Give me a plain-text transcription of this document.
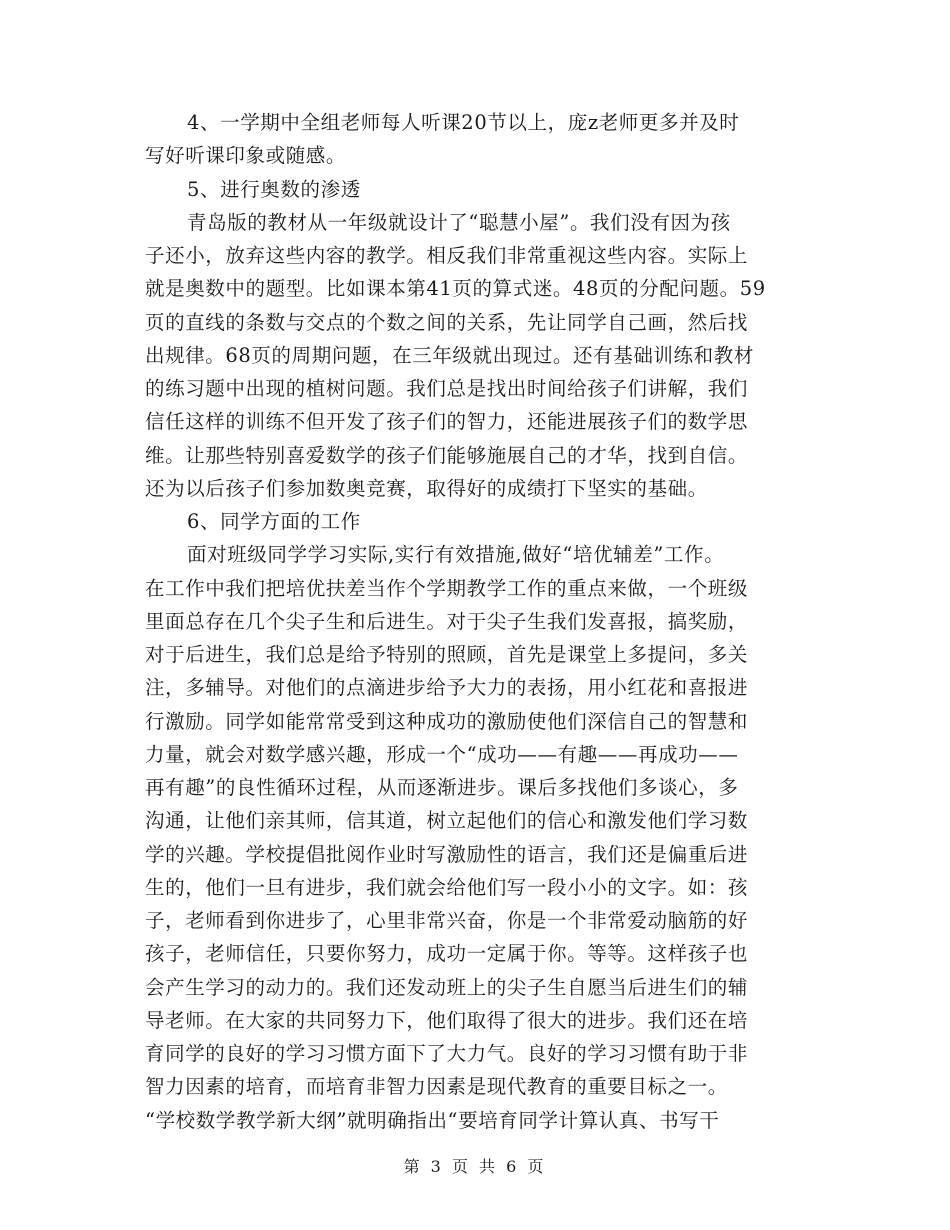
4、一学期中全组老师每人听课20节以上，庞z老师更多并及时
写好听课印象或随感。
5、进行奥数的渗透
青岛版的教材从一年级就设计了“聪慧小屋”。我们没有因为孩
子还小，放弃这些内容的教学。相反我们非常重视这些内容。实际上
就是奥数中的题型。比如课本第41页的算式迷。48页的分配问题。59
页的直线的条数与交点的个数之间的关系，先让同学自己画，然后找
出规律。68页的周期问题，在三年级就出现过。还有基础训练和教材
的练习题中出现的植树问题。我们总是找出时间给孩子们讲解，我们
信任这样的训练不但开发了孩子们的智力，还能进展孩子们的数学思
维。让那些特别喜爱数学的孩子们能够施展自己的才华，找到自信。
还为以后孩子们参加数奥竞赛，取得好的成绩打下坚实的基础。
6、同学方面的工作
面对班级同学学习实际,实行有效措施,做好“培优辅差”工作。
在工作中我们把培优扶差当作个学期教学工作的重点来做，一个班级
里面总存在几个尖子生和后进生。对于尖子生我们发喜报，搞奖励，
对于后进生，我们总是给予特别的照顾，首先是课堂上多提问，多关
注，多辅导。对他们的点滴进步给予大力的表扬，用小红花和喜报进
行激励。同学如能常常受到这种成功的激励使他们深信自己的智慧和
力量，就会对数学感兴趣，形成一个“成功——有趣——再成功——
再有趣”的良性循环过程，从而逐渐进步。课后多找他们多谈心，多
沟通，让他们亲其师，信其道，树立起他们的信心和激发他们学习数
学的兴趣。学校提倡批阅作业时写激励性的语言，我们还是偏重后进
生的，他们一旦有进步，我们就会给他们写一段小小的文字。如：孩
子，老师看到你进步了，心里非常兴奋，你是一个非常爱动脑筋的好
孩子，老师信任，只要你努力，成功一定属于你。等等。这样孩子也
会产生学习的动力的。我们还发动班上的尖子生自愿当后进生们的辅
导老师。在大家的共同努力下，他们取得了很大的进步。我们还在培
育同学的良好的学习习惯方面下了大力气。良好的学习习惯有助于非
智力因素的培育，而培育非智力因素是现代教育的重要目标之一。
“学校数学教学新大纲”就明确指出“要培育同学计算认真、书写干
第 3 页 共 6 页
